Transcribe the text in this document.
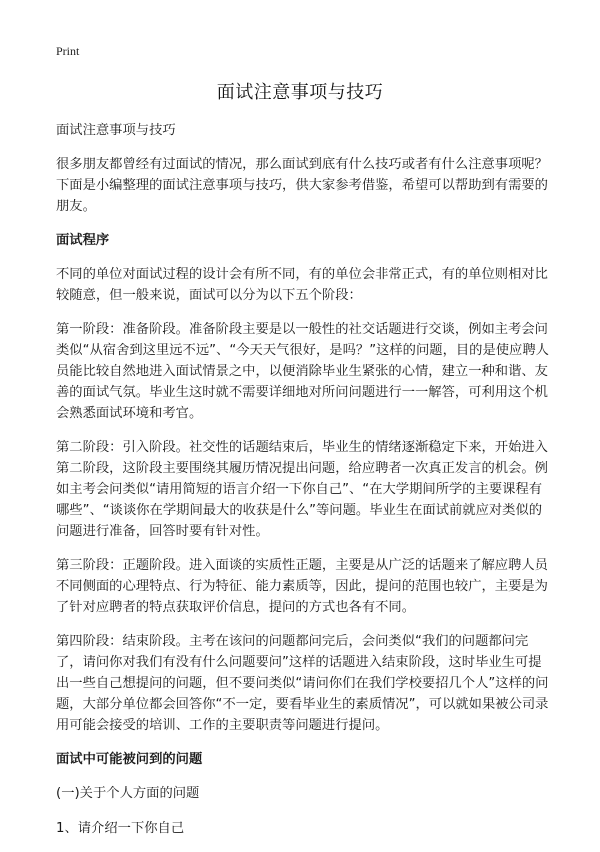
Print
面试注意事项与技巧

面试注意事项与技巧

很多朋友都曾经有过面试的情况，那么面试到底有什么技巧或者有什么注意事项呢？下面是小编整理的面试注意事项与技巧，供大家参考借鉴，希望可以帮助到有需要的朋友。

面试程序

不同的单位对面试过程的设计会有所不同，有的单位会非常正式，有的单位则相对比较随意，但一般来说，面试可以分为以下五个阶段：

第一阶段：准备阶段。准备阶段主要是以一般性的社交话题进行交谈，例如主考会问类似“从宿舍到这里远不远”、“今天天气很好，是吗？”这样的问题，目的是使应聘人员能比较自然地进入面试情景之中，以便消除毕业生紧张的心情，建立一种和谐、友善的面试气氛。毕业生这时就不需要详细地对所问问题进行一一解答，可利用这个机会熟悉面试环境和考官。

第二阶段：引入阶段。社交性的话题结束后，毕业生的情绪逐渐稳定下来，开始进入第二阶段，这阶段主要围绕其履历情况提出问题，给应聘者一次真正发言的机会。例如主考会问类似“请用简短的语言介绍一下你自己”、“在大学期间所学的主要课程有哪些”、“谈谈你在学期间最大的收获是什么”等问题。毕业生在面试前就应对类似的问题进行准备，回答时要有针对性。

第三阶段：正题阶段。进入面谈的实质性正题，主要是从广泛的话题来了解应聘人员不同侧面的心理特点、行为特征、能力素质等，因此，提问的范围也较广，主要是为了针对应聘者的特点获取评价信息，提问的方式也各有不同。

第四阶段：结束阶段。主考在该问的问题都问完后，会问类似“我们的问题都问完了，请问你对我们有没有什么问题要问”这样的话题进入结束阶段，这时毕业生可提出一些自己想提问的问题，但不要问类似“请问你们在我们学校要招几个人”这样的问题，大部分单位都会回答你“不一定，要看毕业生的素质情况”，可以就如果被公司录用可能会接受的培训、工作的主要职责等问题进行提问。

面试中可能被问到的问题

(一)关于个人方面的问题

1、请介绍一下你自己
